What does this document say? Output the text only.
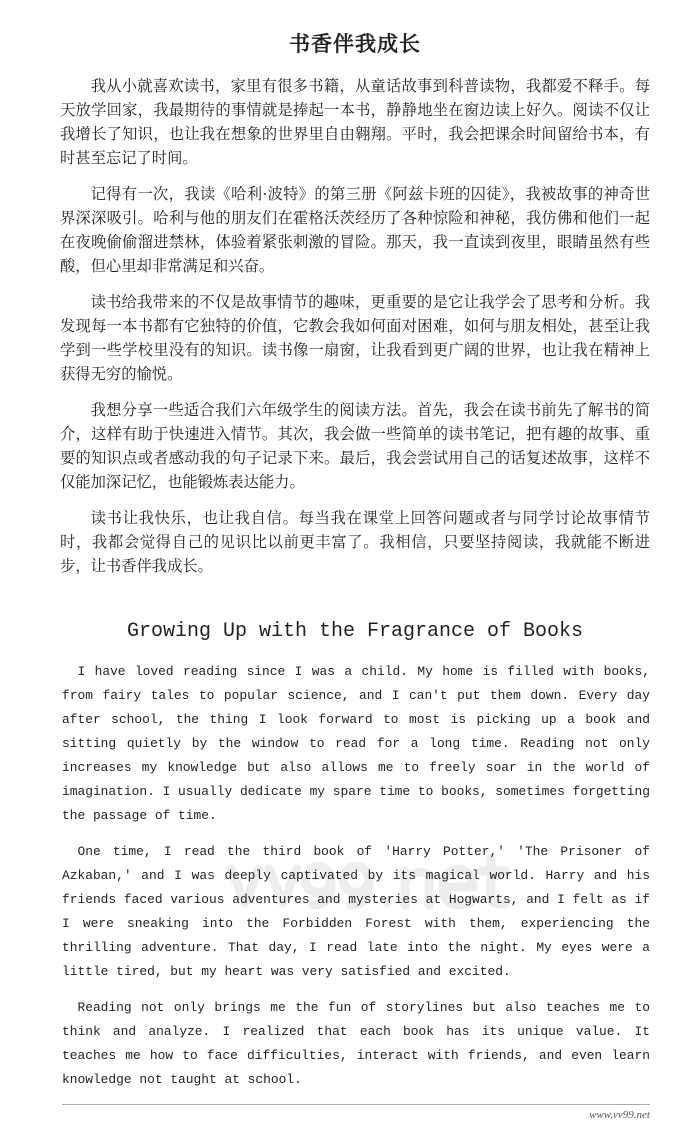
书香伴我成长

我从小就喜欢读书，家里有很多书籍，从童话故事到科普读物，我都爱不释手。每天放学回家，我最期待的事情就是捧起一本书，静静地坐在窗边读上好久。阅读不仅让我增长了知识，也让我在想象的世界里自由翱翔。平时，我会把课余时间留给书本，有时甚至忘记了时间。

记得有一次，我读《哈利·波特》的第三册《阿兹卡班的囚徒》，我被故事的神奇世界深深吸引。哈利与他的朋友们在霍格沃茨经历了各种惊险和神秘，我仿佛和他们一起在夜晚偷偷溜进禁林，体验着紧张刺激的冒险。那天，我一直读到夜里，眼睛虽然有些酸，但心里却非常满足和兴奋。

读书给我带来的不仅是故事情节的趣味，更重要的是它让我学会了思考和分析。我发现每一本书都有它独特的价值，它教会我如何面对困难，如何与朋友相处，甚至让我学到一些学校里没有的知识。读书像一扇窗，让我看到更广阔的世界，也让我在精神上获得无穷的愉悦。

我想分享一些适合我们六年级学生的阅读方法。首先，我会在读书前先了解书的简介，这样有助于快速进入情节。其次，我会做一些简单的读书笔记，把有趣的故事、重要的知识点或者感动我的句子记录下来。最后，我会尝试用自己的话复述故事，这样不仅能加深记忆，也能锻炼表达能力。

读书让我快乐，也让我自信。每当我在课堂上回答问题或者与同学讨论故事情节时，我都会觉得自己的见识比以前更丰富了。我相信，只要坚持阅读，我就能不断进步，让书香伴我成长。

Growing Up with the Fragrance of Books

I have loved reading since I was a child. My home is filled with books, from fairy tales to popular science, and I can't put them down. Every day after school, the thing I look forward to most is picking up a book and sitting quietly by the window to read for a long time. Reading not only increases my knowledge but also allows me to freely soar in the world of imagination. I usually dedicate my spare time to books, sometimes forgetting the passage of time.

One time, I read the third book of 'Harry Potter,' 'The Prisoner of Azkaban,' and I was deeply captivated by its magical world. Harry and his friends faced various adventures and mysteries at Hogwarts, and I felt as if I were sneaking into the Forbidden Forest with them, experiencing the thrilling adventure. That day, I read late into the night. My eyes were a little tired, but my heart was very satisfied and excited.

Reading not only brings me the fun of storylines but also teaches me to think and analyze. I realized that each book has its unique value. It teaches me how to face difficulties, interact with friends, and even learn knowledge not taught at school.

www.vv99.net
